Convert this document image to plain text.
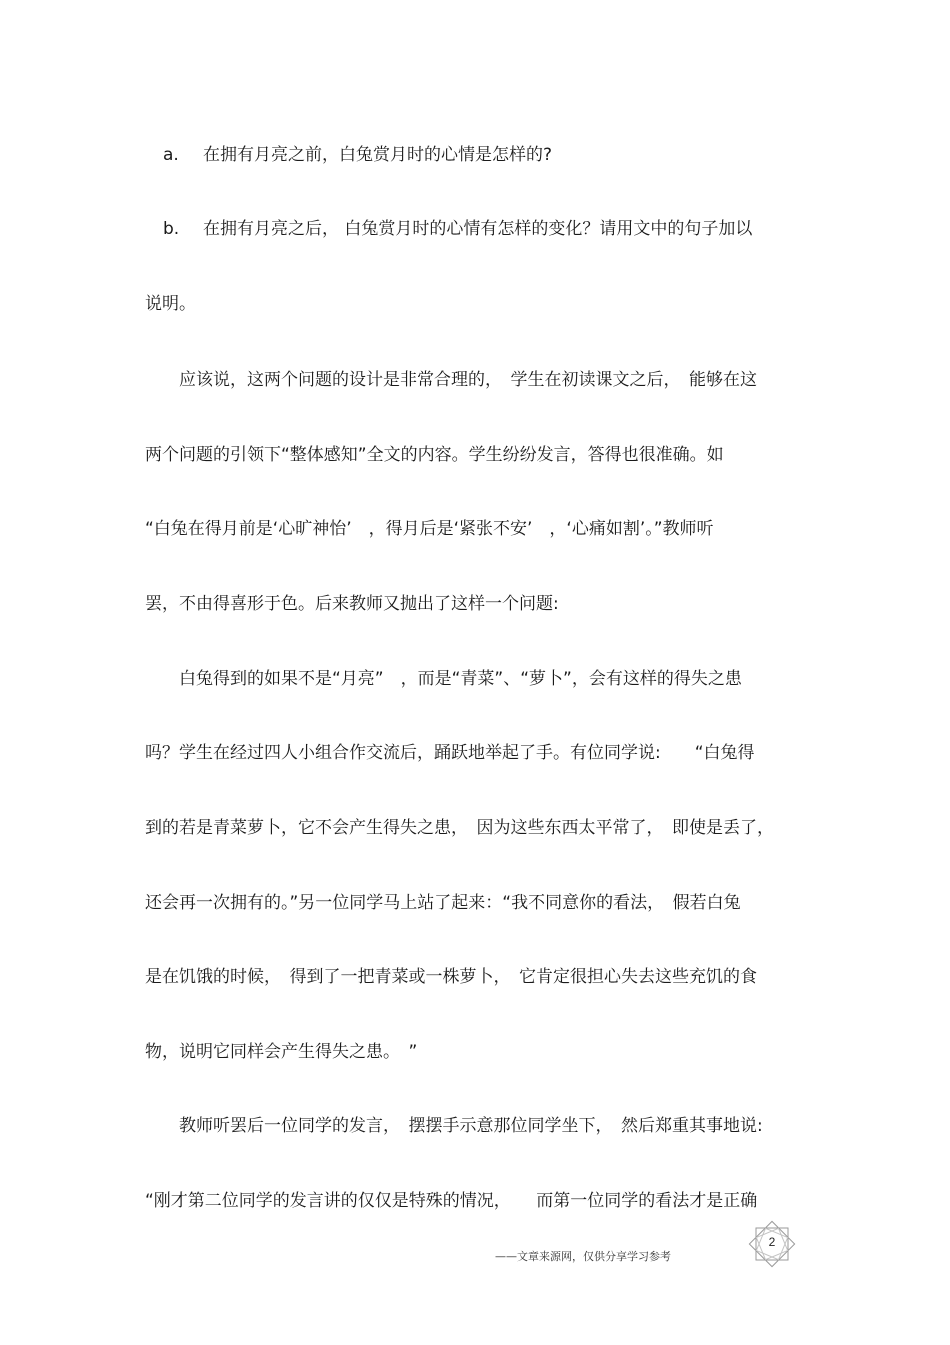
a. 在拥有月亮之前，白兔赏月时的心情是怎样的?
b. 在拥有月亮之后， 白兔赏月时的心情有怎样的变化？请用文中的句子加以
说明。
　　应该说，这两个问题的设计是非常合理的，　学生在初读课文之后，　能够在这
两个问题的引领下“整体感知”全文的内容。学生纷纷发言，答得也很准确。如
“白兔在得月前是‘心旷神怡’　，得月后是‘紧张不安’　，‘心痛如割’。”教师听
罢，不由得喜形于色。后来教师又抛出了这样一个问题:
　　白兔得到的如果不是“月亮”　，而是“青菜”、“萝卜”，会有这样的得失之患
吗？学生在经过四人小组合作交流后，踊跃地举起了手。有位同学说:　　“白兔得
到的若是青菜萝卜，它不会产生得失之患，　因为这些东西太平常了，　即使是丢了，
还会再一次拥有的。”另一位同学马上站了起来：“我不同意你的看法，　假若白兔
是在饥饿的时候，　得到了一把青菜或一株萝卜，　它肯定很担心失去这些充饥的食
物，说明它同样会产生得失之患。　”
　　教师听罢后一位同学的发言，　摆摆手示意那位同学坐下，　然后郑重其事地说:
“刚才第二位同学的发言讲的仅仅是特殊的情况，　　而第一位同学的看法才是正确
——文章来源网，仅供分享学习参考
2
